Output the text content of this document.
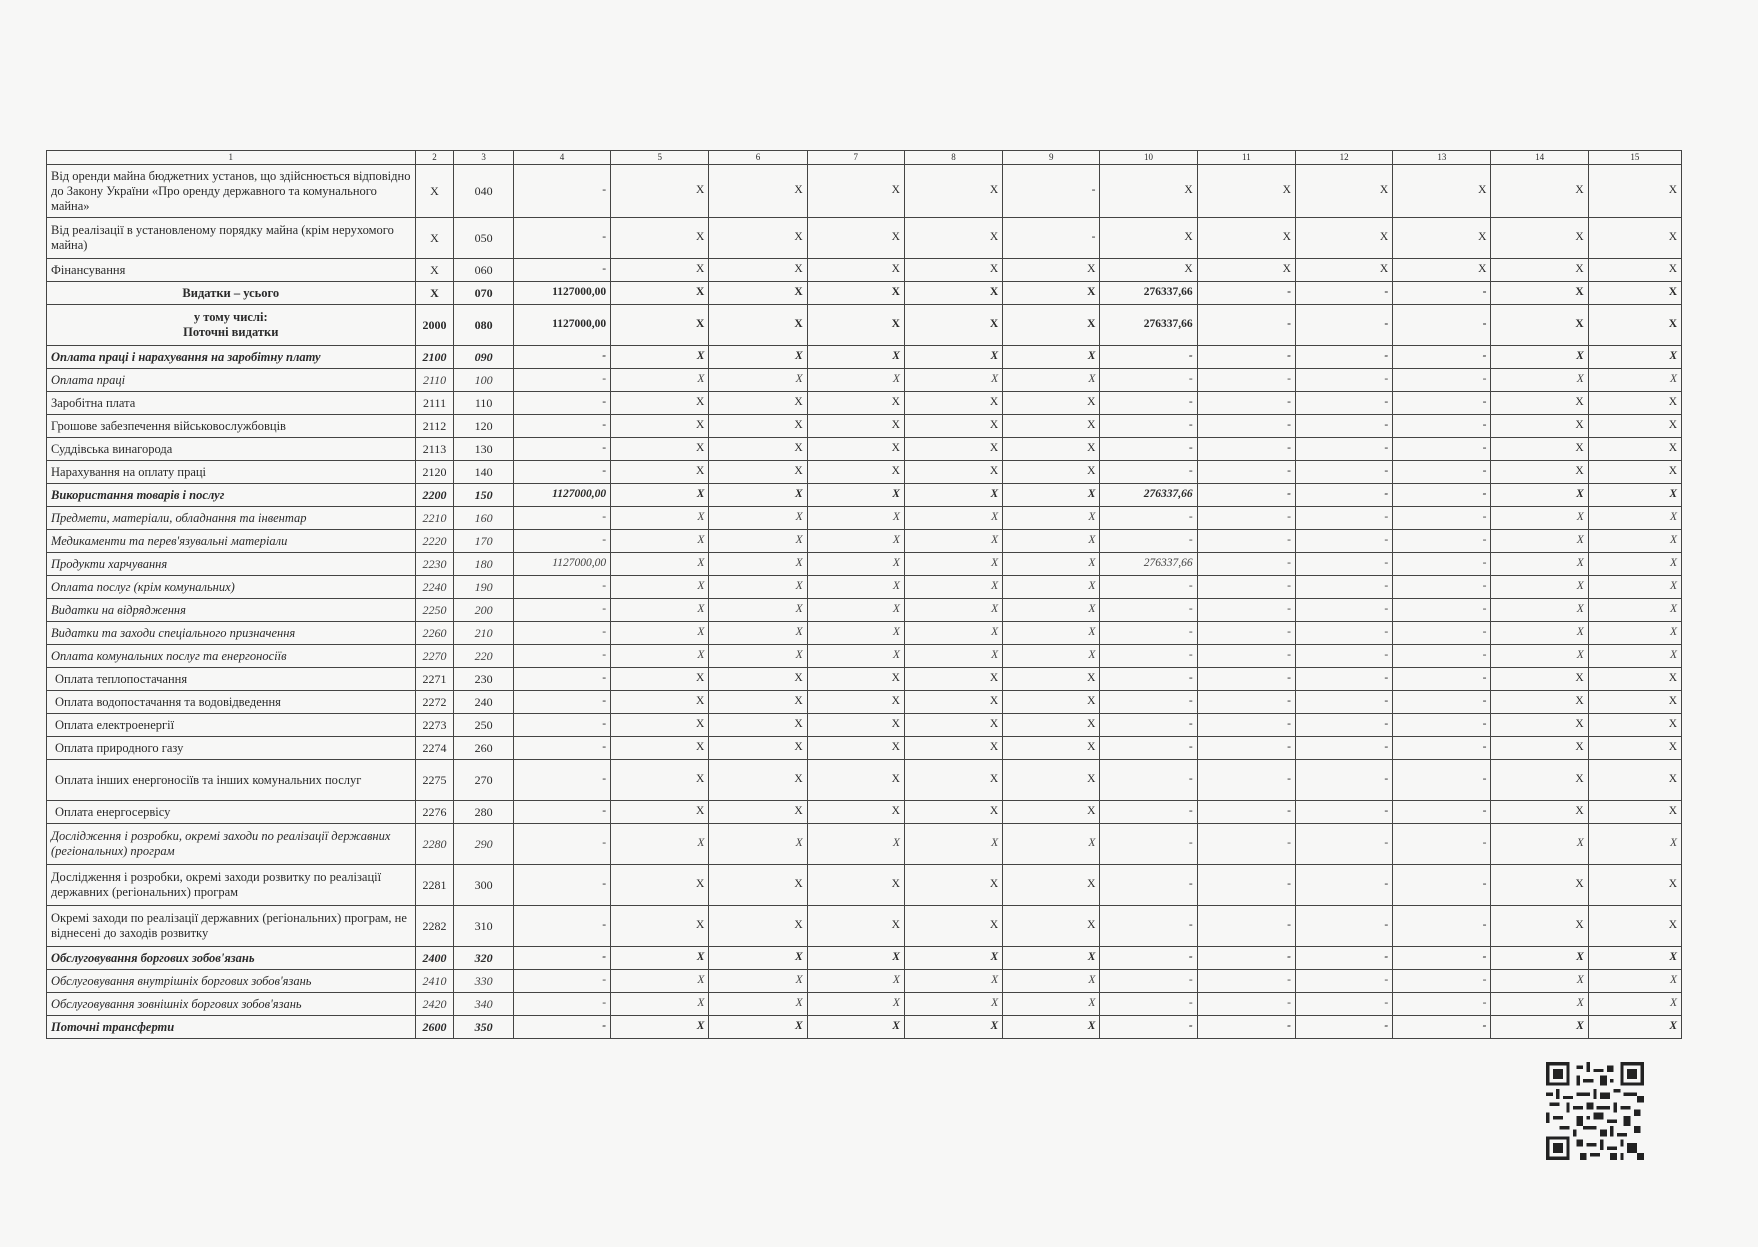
1	2	3	4	5	6	7	8	9	10	11	12	13	14	15
Від оренди майна бюджетних установ, що здійснюється відповідно до Закону України «Про оренду державного та комунального майна»	X	040	-	X	X	X	X	-	X	X	X	X	X	X
Від реалізації в установленому порядку майна (крім нерухомого майна)	X	050	-	X	X	X	X	-	X	X	X	X	X	X
Фінансування	X	060	-	X	X	X	X	X	X	X	X	X	X	X
Видатки – усього	X	070	1127000,00	X	X	X	X	X	276337,66	-	-	-	X	X
у тому числі:
Поточні видатки	2000	080	1127000,00	X	X	X	X	X	276337,66	-	-	-	X	X
Оплата праці і нарахування на заробітну плату	2100	090	-	X	X	X	X	X	-	-	-	-	X	X
Оплата праці	2110	100	-	X	X	X	X	X	-	-	-	-	X	X
Заробітна плата	2111	110	-	X	X	X	X	X	-	-	-	-	X	X
Грошове забезпечення військовослужбовців	2112	120	-	X	X	X	X	X	-	-	-	-	X	X
Суддівська винагорода	2113	130	-	X	X	X	X	X	-	-	-	-	X	X
Нарахування на оплату праці	2120	140	-	X	X	X	X	X	-	-	-	-	X	X
Використання товарів і послуг	2200	150	1127000,00	X	X	X	X	X	276337,66	-	-	-	X	X
Предмети, матеріали, обладнання та інвентар	2210	160	-	X	X	X	X	X	-	-	-	-	X	X
Медикаменти та перев'язувальні матеріали	2220	170	-	X	X	X	X	X	-	-	-	-	X	X
Продукти харчування	2230	180	1127000,00	X	X	X	X	X	276337,66	-	-	-	X	X
Оплата послуг (крім комунальних)	2240	190	-	X	X	X	X	X	-	-	-	-	X	X
Видатки на відрядження	2250	200	-	X	X	X	X	X	-	-	-	-	X	X
Видатки та заходи спеціального призначення	2260	210	-	X	X	X	X	X	-	-	-	-	X	X
Оплата комунальних послуг та енергоносіїв	2270	220	-	X	X	X	X	X	-	-	-	-	X	X
Оплата теплопостачання	2271	230	-	X	X	X	X	X	-	-	-	-	X	X
Оплата водопостачання та водовідведення	2272	240	-	X	X	X	X	X	-	-	-	-	X	X
Оплата електроенергії	2273	250	-	X	X	X	X	X	-	-	-	-	X	X
Оплата природного газу	2274	260	-	X	X	X	X	X	-	-	-	-	X	X
Оплата інших енергоносіїв та інших комунальних послуг	2275	270	-	X	X	X	X	X	-	-	-	-	X	X
Оплата енергосервісу	2276	280	-	X	X	X	X	X	-	-	-	-	X	X
Дослідження і розробки, окремі заходи по реалізації державних (регіональних) програм	2280	290	-	X	X	X	X	X	-	-	-	-	X	X
Дослідження і розробки, окремі заходи розвитку по реалізації державних (регіональних) програм	2281	300	-	X	X	X	X	X	-	-	-	-	X	X
Окремі заходи по реалізації державних (регіональних) програм, не віднесені до заходів розвитку	2282	310	-	X	X	X	X	X	-	-	-	-	X	X
Обслуговування боргових зобов'язань	2400	320	-	X	X	X	X	X	-	-	-	-	X	X
Обслуговування внутрішніх боргових зобов'язань	2410	330	-	X	X	X	X	X	-	-	-	-	X	X
Обслуговування зовнішніх боргових зобов'язань	2420	340	-	X	X	X	X	X	-	-	-	-	X	X
Поточні трансферти	2600	350	-	X	X	X	X	X	-	-	-	-	X	X
